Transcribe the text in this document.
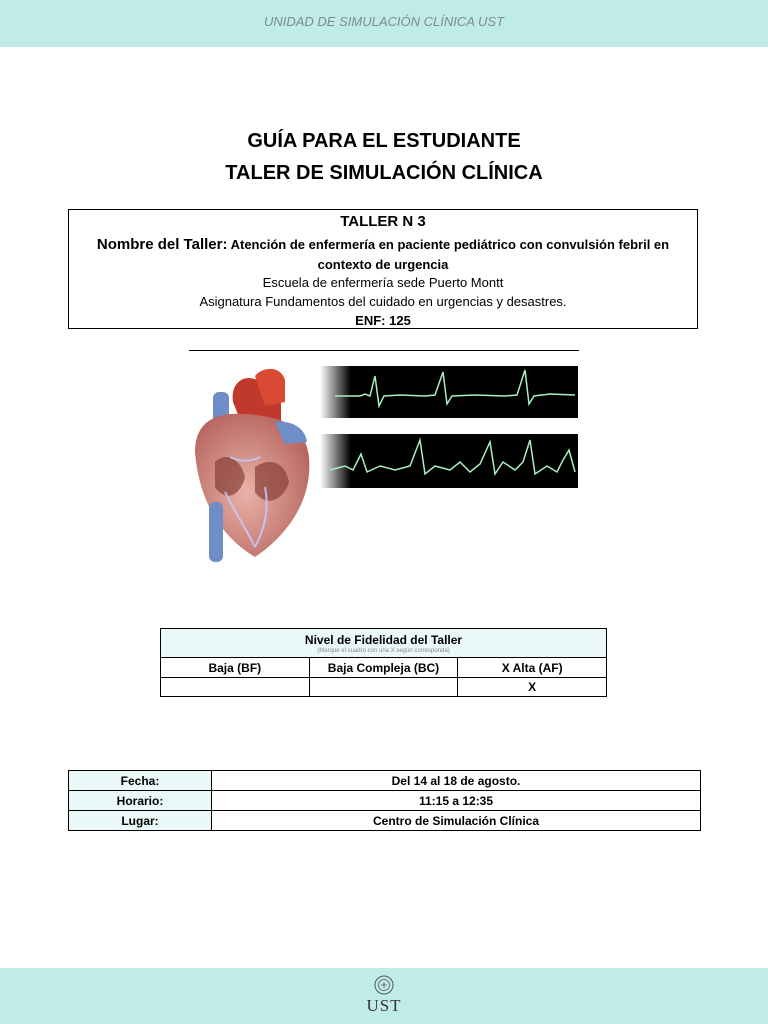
UNIDAD DE SIMULACIÓN CLÍNICA UST
GUÍA PARA EL ESTUDIANTE
TALER DE SIMULACIÓN CLÍNICA
TALLER N 3
Nombre del Taller: Atención de enfermería en paciente pediátrico con convulsión febril en
contexto de urgencia
Escuela de enfermería sede Puerto Montt
Asignatura Fundamentos del cuidado en urgencias y desastres.
ENF: 125
Nivel de Fidelidad del Taller
(Marque el cuadro con una X según corresponda)		

Baja (BF)	Baja Compleja (BC)	X Alta (AF)
		X
Fecha:	Del 14 al 18 de agosto.
Horario:	11:15 a 12:35
Lugar:	Centro de Simulación Clínica
UST
